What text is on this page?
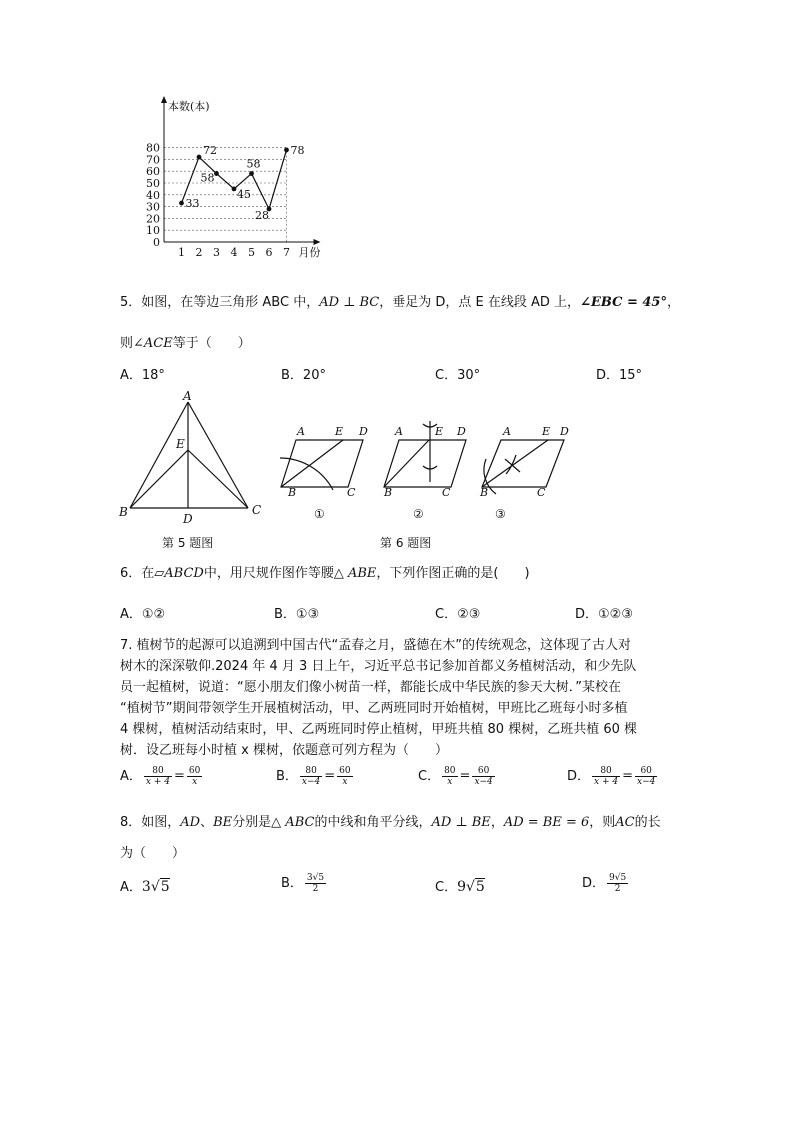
0
10
20
30
40
50
60
70
80
本数(本)
月份
1 2 3 4 5 6 7
33
72
58
45
58
28
78
5．如图，在等边三角形 ABC 中，AD ⊥ BC，垂足为 D，点 E 在线段 AD 上，∠EBC = 45°，
则∠ACE等于（　　）
A．18°	B．20°	C．30°	D．15°
A
E
B	D
C
A	E D
B	C
A	E D
B	C
A	E D
B	C
①	②	③
第 5 题图	第 6 题图
6．在▱ABCD中，用尺规作图作等腰△ ABE，下列作图正确的是(　　)
A．①②	B．①③	C．②③	D．①②③
7. 植树节的起源可以追溯到中国古代“孟春之月，盛德在木”的传统观念，这体现了古人对
树木的深深敬仰.2024 年 4 月 3 日上午，习近平总书记参加首都义务植树活动，和少先队
员一起植树，说道：“愿小朋友们像小树苗一样，都能长成中华民族的参天大树．”某校在
“植树节”期间带领学生开展植树活动，甲、乙两班同时开始植树，甲班比乙班每小时多植
4 棵树，植树活动结束时，甲、乙两班同时停止植树，甲班共植 80 棵树，乙班共植 60 棵
树．设乙班每小时植 x 棵树，依题意可列方程为（　　）
A． $\frac{80}{x + 4} = \frac{60}{x}$	B． $\frac{80}{x-4} = \frac{60}{x}$	C． $\frac{80}{x} = \frac{60}{x-4}$	D． $\frac{80}{x + 4} = \frac{60}{x-4}$
8．如图，AD、BE分别是△ ABC的中线和角平分线，AD ⊥ BE，AD = BE = 6，则AC的长
为（　　）
A．3√5	B． $\frac{3√5}{2}$	C．9√5	D． $\frac{9√5}{2}$
